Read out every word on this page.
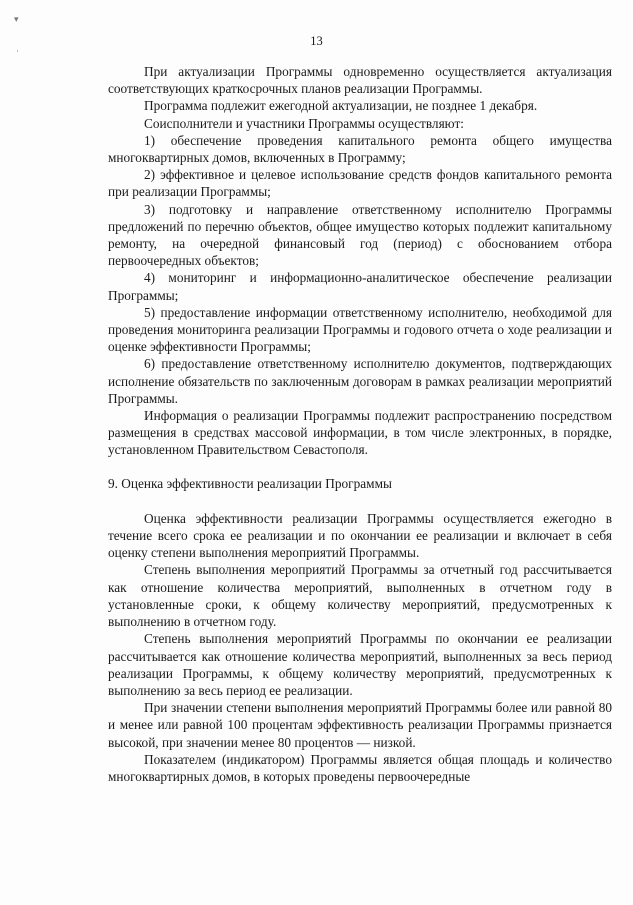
▾
·
13

При актуализации Программы одновременно осуществляется актуализация соответствующих краткосрочных планов реализации Программы.

Программа подлежит ежегодной актуализации, не позднее 1 декабря.

Соисполнители и участники Программы осуществляют:

1) обеспечение проведения капитального ремонта общего имущества многоквартирных домов, включенных в Программу;

2) эффективное и целевое использование средств фондов капитального ремонта при реализации Программы;

3) подготовку и направление ответственному исполнителю Программы предложений по перечню объектов, общее имущество которых подлежит капитальному ремонту, на очередной финансовый год (период) с обоснованием отбора первоочередных объектов;

4) мониторинг и информационно-аналитическое обеспечение реализации Программы;

5) предоставление информации ответственному исполнителю, необходимой для проведения мониторинга реализации Программы и годового отчета о ходе реализации и оценке эффективности Программы;

6) предоставление ответственному исполнителю документов, подтверждающих исполнение обязательств по заключенным договорам в рамках реализации мероприятий Программы.

Информация о реализации Программы подлежит распространению посредством размещения в средствах массовой информации, в том числе электронных, в порядке, установленном Правительством Севастополя.

9. Оценка эффективности реализации Программы

Оценка эффективности реализации Программы осуществляется ежегодно в течение всего срока ее реализации и по окончании ее реализации и включает в себя оценку степени выполнения мероприятий Программы.

Степень выполнения мероприятий Программы за отчетный год рассчитывается как отношение количества мероприятий, выполненных в отчетном году в установленные сроки, к общему количеству мероприятий, предусмотренных к выполнению в отчетном году.

Степень выполнения мероприятий Программы по окончании ее реализации рассчитывается как отношение количества мероприятий, выполненных за весь период реализации Программы, к общему количеству мероприятий, предусмотренных к выполнению за весь период ее реализации.

При значении степени выполнения мероприятий Программы более или равной 80 и менее или равной 100 процентам эффективность реализации Программы признается высокой, при значении менее 80 процентов — низкой.

Показателем (индикатором) Программы является общая площадь и количество многоквартирных домов, в которых проведены первоочередные
